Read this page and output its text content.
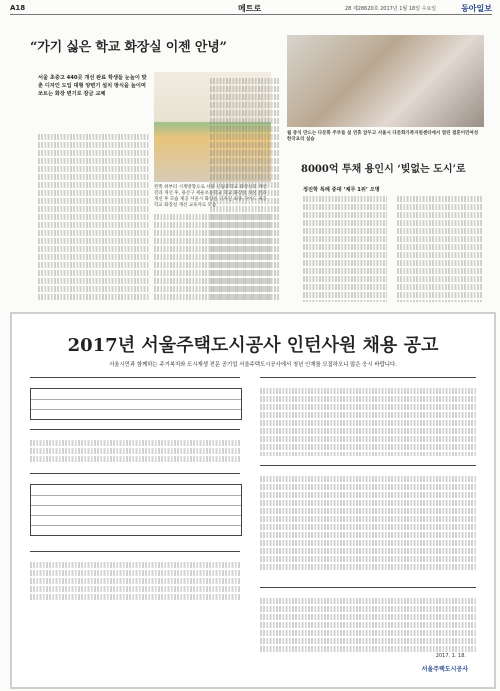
A18	메트로	28 제28620호 2017년 1월 18일 수요일	동아일보
“가기 싫은 학교 화장실 이젠 안녕”
서울 초중고 440곳 개선 완료 학생들 눈높이 맞춘 디자인 도입 대형 양변기 설치 방식을 높이며 쏘트는 화장 변기로 잠금 교체
왼쪽 위부터 시계방향으로 서울 신림중학교 화장실의 개선 전과 개선 후, 용산구 세운초등학교 학교 화장실 개선 전과 개선 후 모습 제공 서울시 화장실 디자인 최종 가이드 제공 학교 화장실 개선 교육자료 모습
월 중식 만드는 다문화 주부들 설 연휴 앞두고 서울시 다문화가족지원센터에서 열린 결혼이민여성 한국요리 실습
8000억 투채 용인시 ‘빚없는 도시’로
정진학 특례 중대 ‘채무 1위’ 오명
2017년 서울주택도시공사 인턴사원 채용 공고
서울시민과 함께하는 주거복지와 도시재생 전문 공기업 서울주택도시공사에서 청년 인재를 모집하오니 많은 응시 바랍니다.
2017. 1. 18.
서울주택도시공사
